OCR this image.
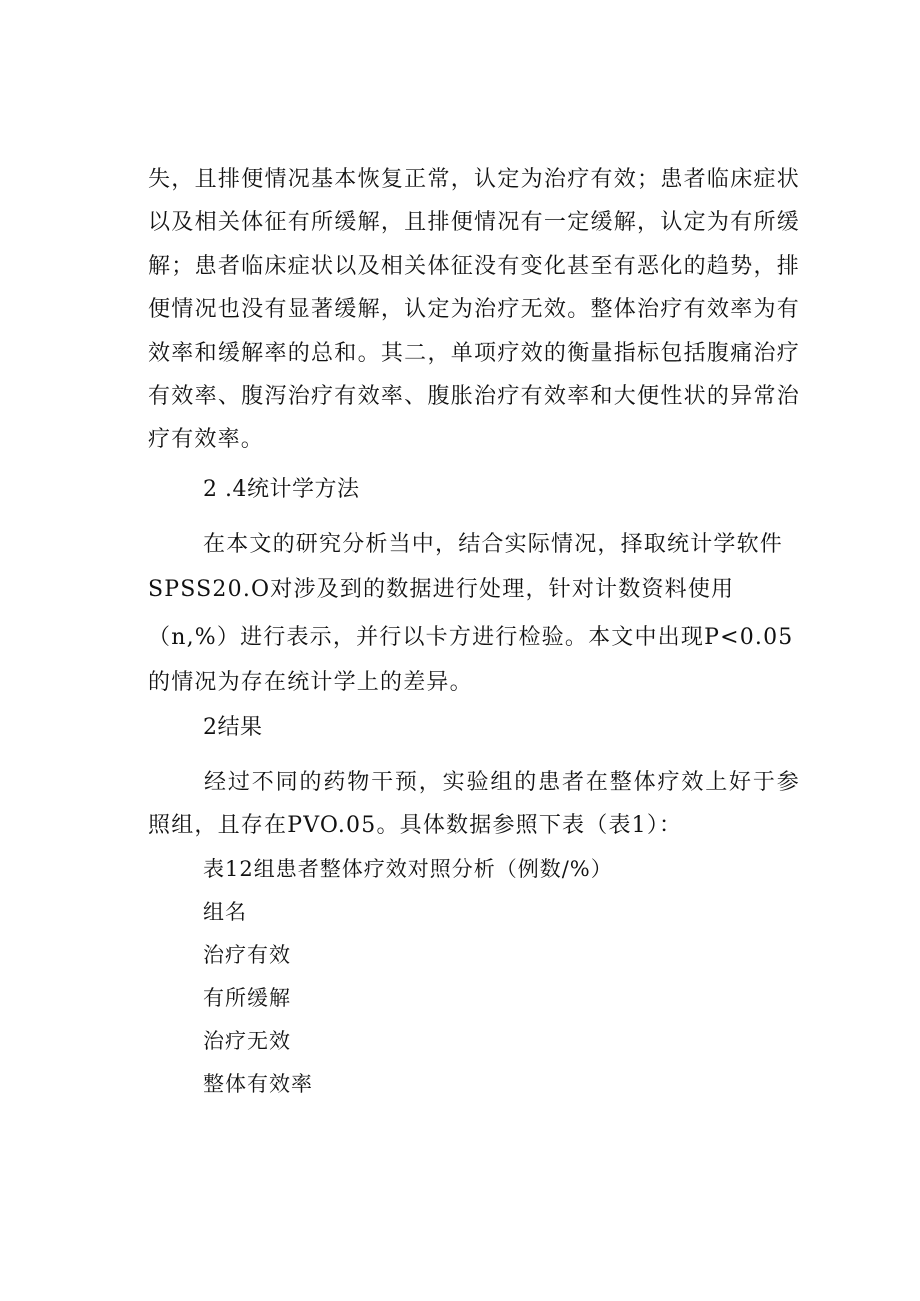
失，且排便情况基本恢复正常，认定为治疗有效；患者临床症状以及相关体征有所缓解，且排便情况有一定缓解，认定为有所缓解；患者临床症状以及相关体征没有变化甚至有恶化的趋势，排便情况也没有显著缓解，认定为治疗无效。整体治疗有效率为有效率和缓解率的总和。其二，单项疗效的衡量指标包括腹痛治疗有效率、腹泻治疗有效率、腹胀治疗有效率和大便性状的异常治疗有效率。

2 .4统计学方法

在本文的研究分析当中，结合实际情况，择取统计学软件

SPSS20.O对涉及到的数据进行处理，针对计数资料使用

（n,%）进行表示，并行以卡方进行检验。本文中出现P<0.05

的情况为存在统计学上的差异。

2结果

经过不同的药物干预，实验组的患者在整体疗效上好于参照组，且存在PVO.05。具体数据参照下表（表1）：

表12组患者整体疗效对照分析（例数/%）

组名

治疗有效

有所缓解

治疗无效

整体有效率
